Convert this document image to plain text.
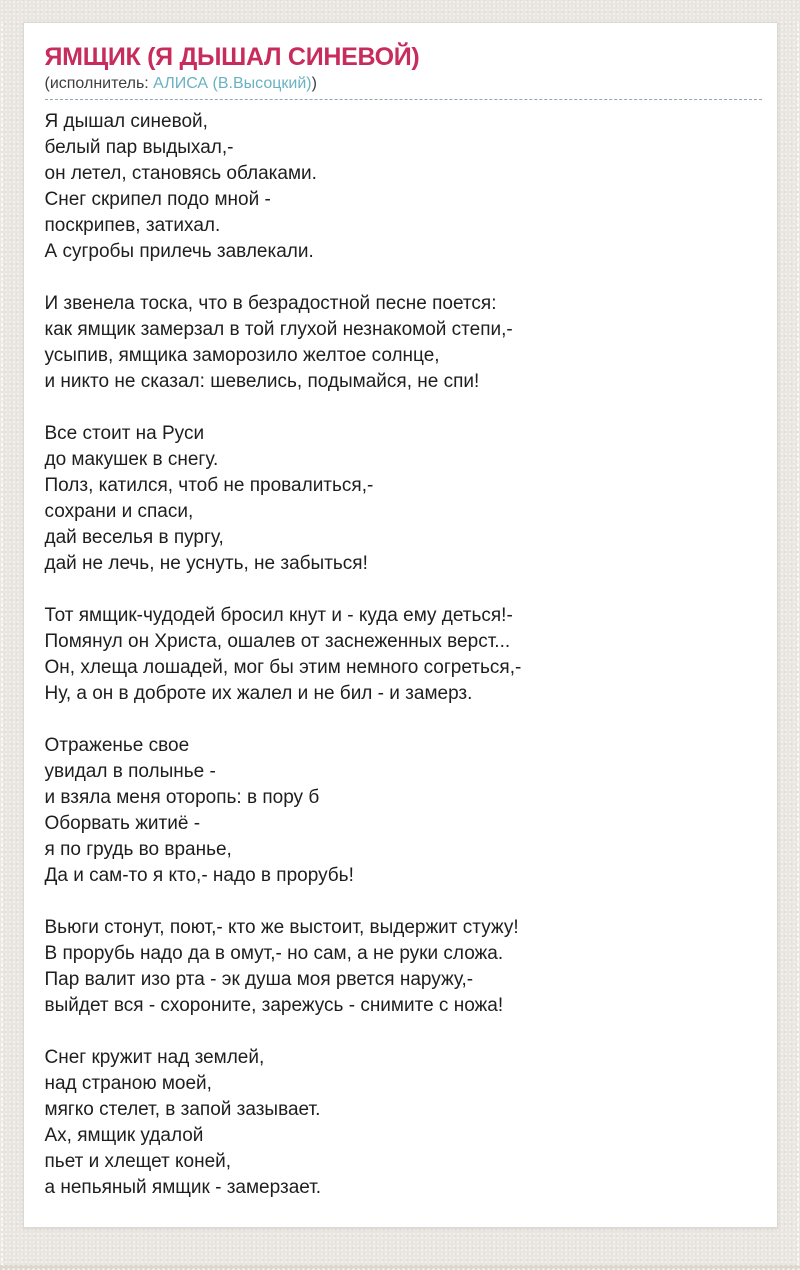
ЯМЩИК (Я ДЫШАЛ СИНЕВОЙ)

(исполнитель: АЛИСА (В.Высоцкий))

Я дышал синевой,
белый пар выдыхал,-
он летел, становясь облаками.
Снег скрипел подо мной -
поскрипев, затихал.
А сугробы прилечь завлекали.

И звенела тоска, что в безрадостной песне поется:
как ямщик замерзал в той глухой незнакомой степи,-
усыпив, ямщика заморозило желтое солнце,
и никто не сказал: шевелись, подымайся, не спи!

Все стоит на Руси
до макушек в снегу.
Полз, катился, чтоб не провалиться,-
сохрани и спаси,
дай веселья в пургу,
дай не лечь, не уснуть, не забыться!

Тот ямщик-чудодей бросил кнут и - куда ему деться!-
Помянул он Христа, ошалев от заснеженных верст...
Он, хлеща лошадей, мог бы этим немного согреться,-
Ну, а он в доброте их жалел и не бил - и замерз.

Отраженье свое
увидал в полынье -
и взяла меня оторопь: в пору б
Оборвать житиё -
я по грудь во вранье,
Да и сам-то я кто,- надо в прорубь!

Вьюги стонут, поют,- кто же выстоит, выдержит стужу!
В прорубь надо да в омут,- но сам, а не руки сложа.
Пар валит изо рта - эк душа моя рвется наружу,-
выйдет вся - схороните, зарежусь - снимите с ножа!

Снег кружит над землей,
над страною моей,
мягко стелет, в запой зазывает.
Ах, ямщик удалой
пьет и хлещет коней,
а непьяный ямщик - замерзает.
